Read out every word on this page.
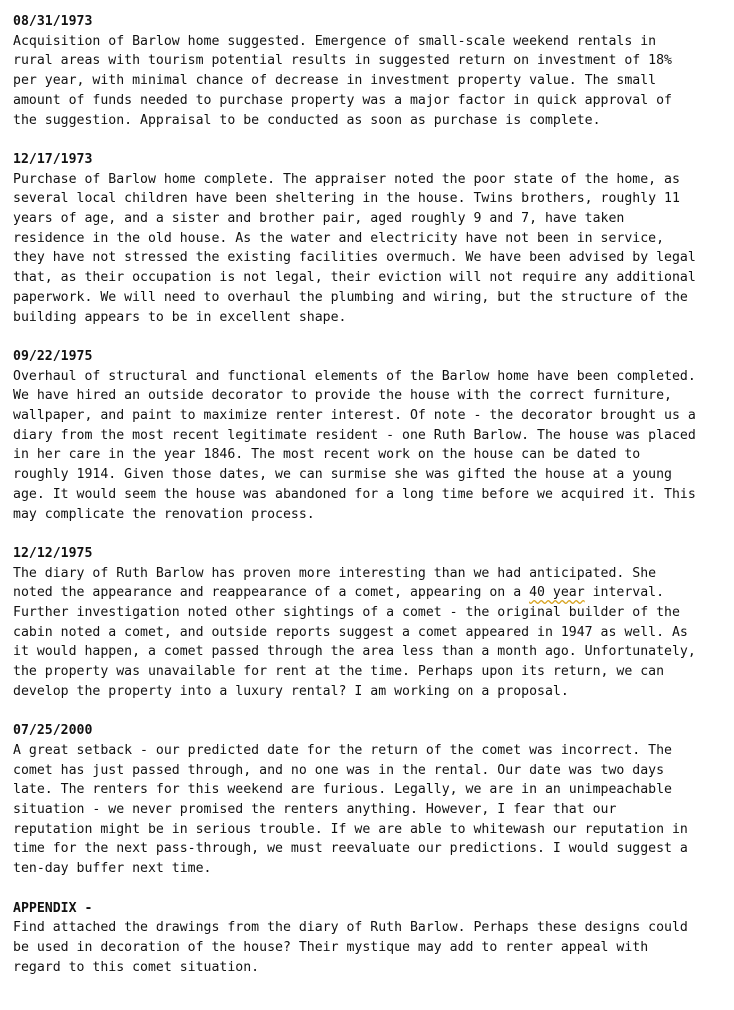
08/31/1973
Acquisition of Barlow home suggested. Emergence of small-scale weekend rentals in
rural areas with tourism potential results in suggested return on investment of 18%
per year, with minimal chance of decrease in investment property value. The small
amount of funds needed to purchase property was a major factor in quick approval of
the suggestion. Appraisal to be conducted as soon as purchase is complete.
12/17/1973
Purchase of Barlow home complete. The appraiser noted the poor state of the home, as
several local children have been sheltering in the house. Twins brothers, roughly 11
years of age, and a sister and brother pair, aged roughly 9 and 7, have taken
residence in the old house. As the water and electricity have not been in service,
they have not stressed the existing facilities overmuch. We have been advised by legal
that, as their occupation is not legal, their eviction will not require any additional
paperwork. We will need to overhaul the plumbing and wiring, but the structure of the
building appears to be in excellent shape.
09/22/1975
Overhaul of structural and functional elements of the Barlow home have been completed.
We have hired an outside decorator to provide the house with the correct furniture,
wallpaper, and paint to maximize renter interest. Of note - the decorator brought us a
diary from the most recent legitimate resident - one Ruth Barlow. The house was placed
in her care in the year 1846. The most recent work on the house can be dated to
roughly 1914. Given those dates, we can surmise she was gifted the house at a young
age. It would seem the house was abandoned for a long time before we acquired it. This
may complicate the renovation process.
12/12/1975
The diary of Ruth Barlow has proven more interesting than we had anticipated. She
noted the appearance and reappearance of a comet, appearing on a 40 year interval.
Further investigation noted other sightings of a comet - the original builder of the
cabin noted a comet, and outside reports suggest a comet appeared in 1947 as well. As
it would happen, a comet passed through the area less than a month ago. Unfortunately,
the property was unavailable for rent at the time. Perhaps upon its return, we can
develop the property into a luxury rental? I am working on a proposal.
07/25/2000
A great setback - our predicted date for the return of the comet was incorrect. The
comet has just passed through, and no one was in the rental. Our date was two days
late. The renters for this weekend are furious. Legally, we are in an unimpeachable
situation - we never promised the renters anything. However, I fear that our
reputation might be in serious trouble. If we are able to whitewash our reputation in
time for the next pass-through, we must reevaluate our predictions. I would suggest a
ten-day buffer next time.
APPENDIX -
Find attached the drawings from the diary of Ruth Barlow. Perhaps these designs could
be used in decoration of the house? Their mystique may add to renter appeal with
regard to this comet situation.
